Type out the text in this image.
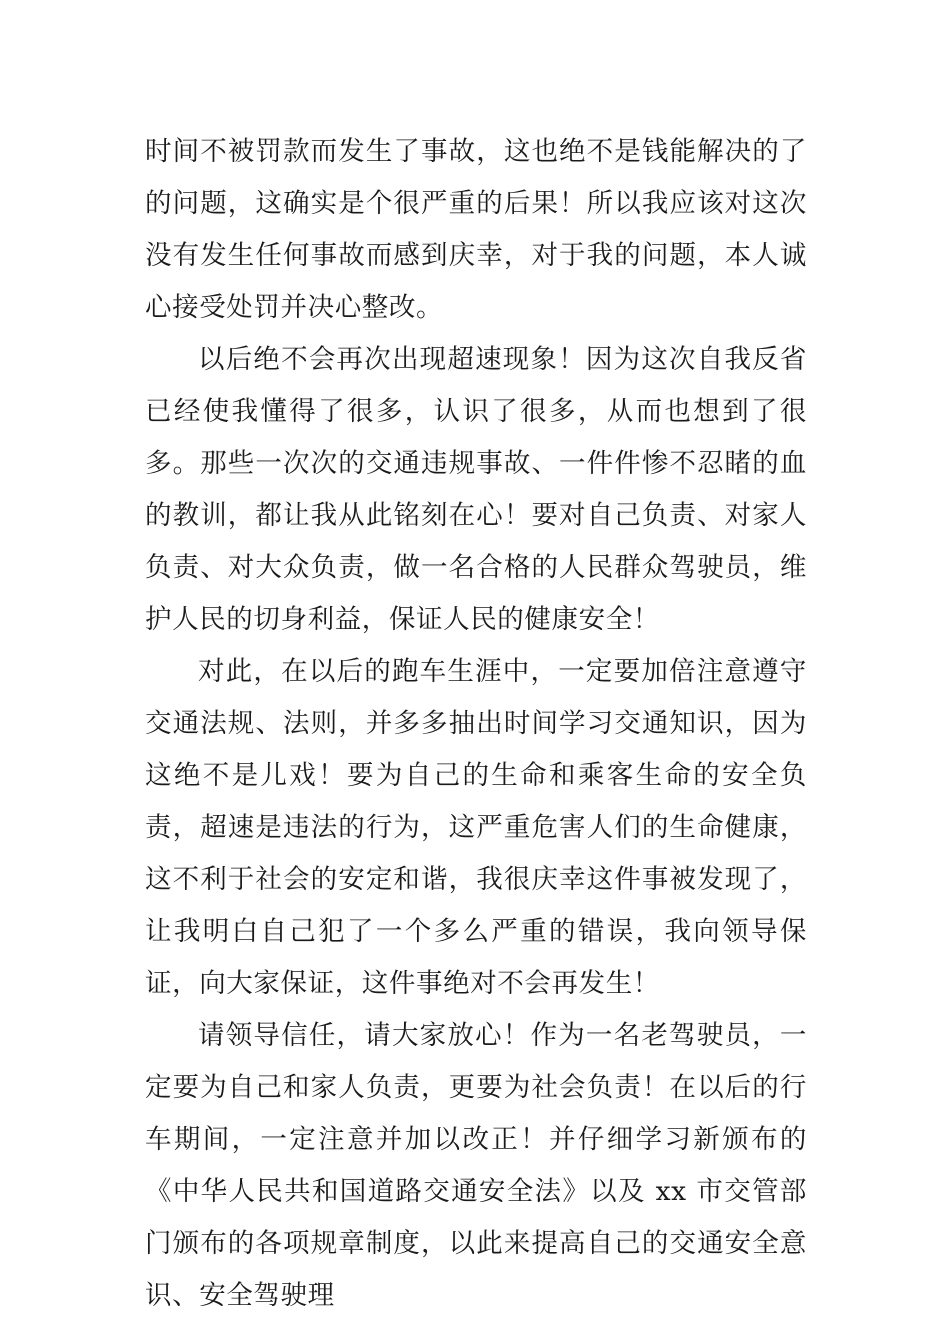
时间不被罚款而发生了事故，这也绝不是钱能解决的了的问题，这确实是个很严重的后果！所以我应该对这次没有发生任何事故而感到庆幸，对于我的问题，本人诚心接受处罚并决心整改。

以后绝不会再次出现超速现象！因为这次自我反省已经使我懂得了很多，认识了很多，从而也想到了很多。那些一次次的交通违规事故、一件件惨不忍睹的血的教训，都让我从此铭刻在心！要对自己负责、对家人负责、对大众负责，做一名合格的人民群众驾驶员，维护人民的切身利益，保证人民的健康安全！

对此，在以后的跑车生涯中，一定要加倍注意遵守交通法规、法则，并多多抽出时间学习交通知识，因为这绝不是儿戏！要为自己的生命和乘客生命的安全负责，超速是违法的行为，这严重危害人们的生命健康，这不利于社会的安定和谐，我很庆幸这件事被发现了，让我明白自己犯了一个多么严重的错误，我向领导保证，向大家保证，这件事绝对不会再发生！

请领导信任，请大家放心！作为一名老驾驶员，一定要为自己和家人负责，更要为社会负责！在以后的行车期间，一定注意并加以改正！并仔细学习新颁布的《中华人民共和国道路交通安全法》以及 xx 市交管部门颁布的各项规章制度，以此来提高自己的交通安全意识、安全驾驶理
